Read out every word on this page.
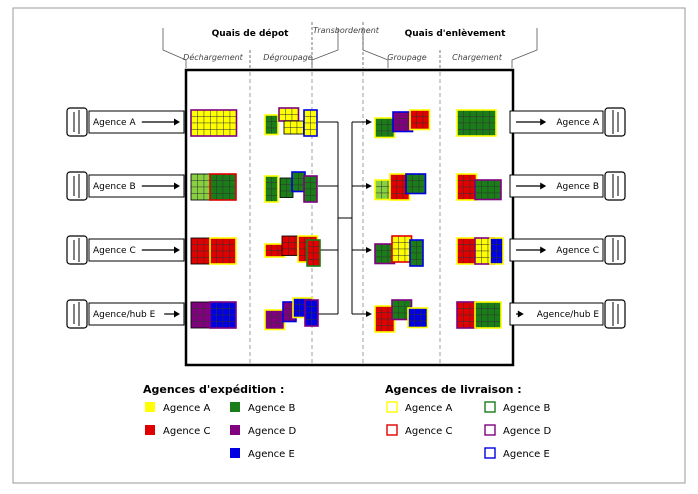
Quais de dépot	Quais d'enlèvement
Déchargement	Dégroupage
Transbordement
Groupage	Chargement
Agence A
Agence B
Agence C
Agence/hub E
Agence A
Agence B
Agence C
Agence/hub E
Agences d'expédition :	Agences de livraison :
Agence A	Agence B
Agence C	Agence D
Agence E
Agence A	Agence B
Agence C	Agence D
Agence E
